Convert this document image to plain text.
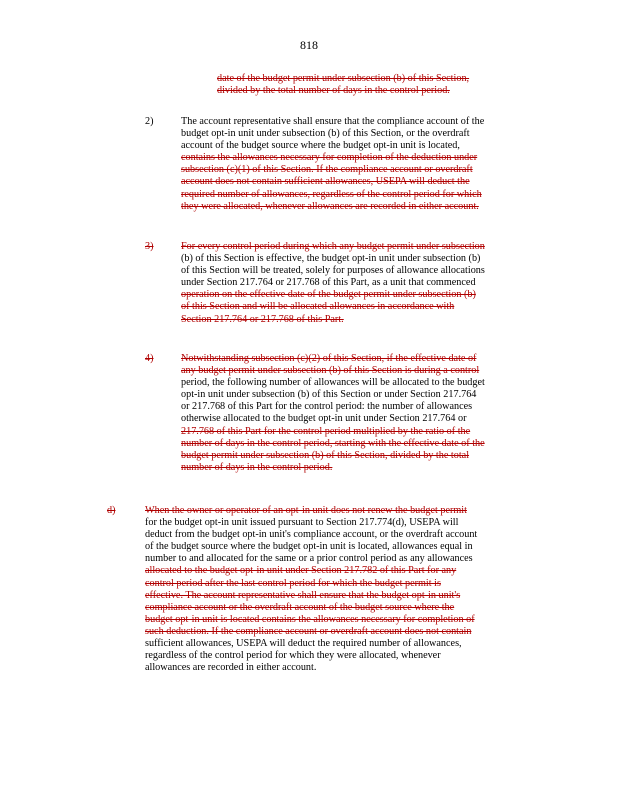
818
date of the budget permit under subsection (b) of this Section,
divided by the total number of days in the control period.
2)	The account representative shall ensure that the compliance account of the
budget opt-in unit under subsection (b) of this Section, or the overdraft
account of the budget source where the budget opt-in unit is located,
contains the allowances necessary for completion of the deduction under
subsection (c)(1) of this Section. If the compliance account or overdraft
account does not contain sufficient allowances, USEPA will deduct the
required number of allowances, regardless of the control period for which
they were allocated, whenever allowances are recorded in either account.
3)	For every control period during which any budget permit under subsection
(b) of this Section is effective, the budget opt-in unit under subsection (b)
of this Section will be treated, solely for purposes of allowance allocations
under Section 217.764 or 217.768 of this Part, as a unit that commenced
operation on the effective date of the budget permit under subsection (b)
of this Section and will be allocated allowances in accordance with
Section 217.764 or 217.768 of this Part.
4)	Notwithstanding subsection (c)(2) of this Section, if the effective date of
any budget permit under subsection (b) of this Section is during a control
period, the following number of allowances will be allocated to the budget
opt-in unit under subsection (b) of this Section or under Section 217.764
or 217.768 of this Part for the control period: the number of allowances
otherwise allocated to the budget opt-in unit under Section 217.764 or
217.768 of this Part for the control period multiplied by the ratio of the
number of days in the control period, starting with the effective date of the
budget permit under subsection (b) of this Section, divided by the total
number of days in the control period.
d)	When the owner or operator of an opt-in unit does not renew the budget permit
for the budget opt-in unit issued pursuant to Section 217.774(d), USEPA will
deduct from the budget opt-in unit's compliance account, or the overdraft account
of the budget source where the budget opt-in unit is located, allowances equal in
number to and allocated for the same or a prior control period as any allowances
allocated to the budget opt-in unit under Section 217.782 of this Part for any
control period after the last control period for which the budget permit is
effective. The account representative shall ensure that the budget opt-in unit's
compliance account or the overdraft account of the budget source where the
budget opt-in unit is located contains the allowances necessary for completion of
such deduction. If the compliance account or overdraft account does not contain
sufficient allowances, USEPA will deduct the required number of allowances,
regardless of the control period for which they were allocated, whenever
allowances are recorded in either account.
